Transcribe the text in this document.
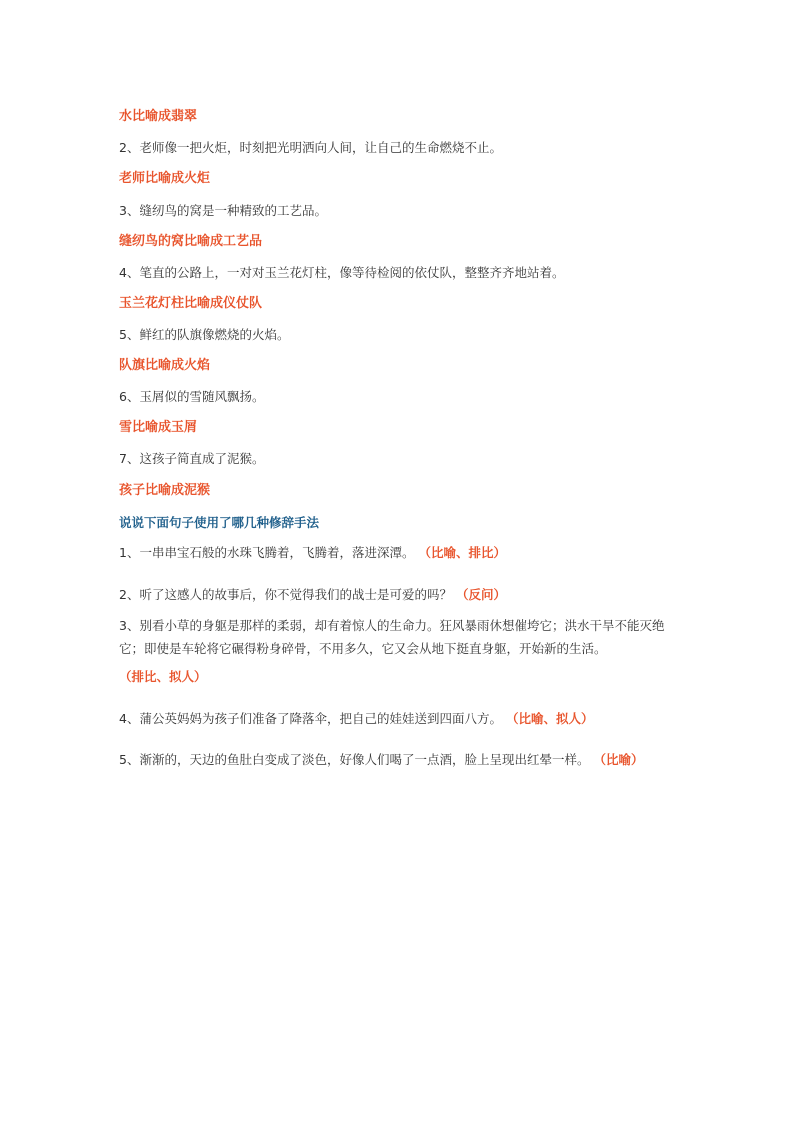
水比喻成翡翠
2、老师像一把火炬，时刻把光明洒向人间，让自己的生命燃烧不止。
老师比喻成火炬
3、缝纫鸟的窝是一种精致的工艺品。
缝纫鸟的窝比喻成工艺品
4、笔直的公路上，一对对玉兰花灯柱，像等待检阅的依仗队，整整齐齐地站着。
玉兰花灯柱比喻成仪仗队
5、鲜红的队旗像燃烧的火焰。
队旗比喻成火焰
6、玉屑似的雪随风飘扬。
雪比喻成玉屑
7、这孩子简直成了泥猴。
孩子比喻成泥猴
说说下面句子使用了哪几种修辞手法
1、一串串宝石般的水珠飞腾着，飞腾着，落进深潭。 （比喻、排比）
2、听了这感人的故事后，你不觉得我们的战士是可爱的吗？ （反问）
3、别看小草的身躯是那样的柔弱，却有着惊人的生命力。狂风暴雨休想催垮它；洪水干旱不能灭绝它；即使是车轮将它碾得粉身碎骨，不用多久，它又会从地下挺直身躯，开始新的生活。
（排比、拟人）
4、蒲公英妈妈为孩子们准备了降落伞，把自己的娃娃送到四面八方。 （比喻、拟人）
5、渐渐的，天边的鱼肚白变成了淡色，好像人们喝了一点酒，脸上呈现出红晕一样。 （比喻）
